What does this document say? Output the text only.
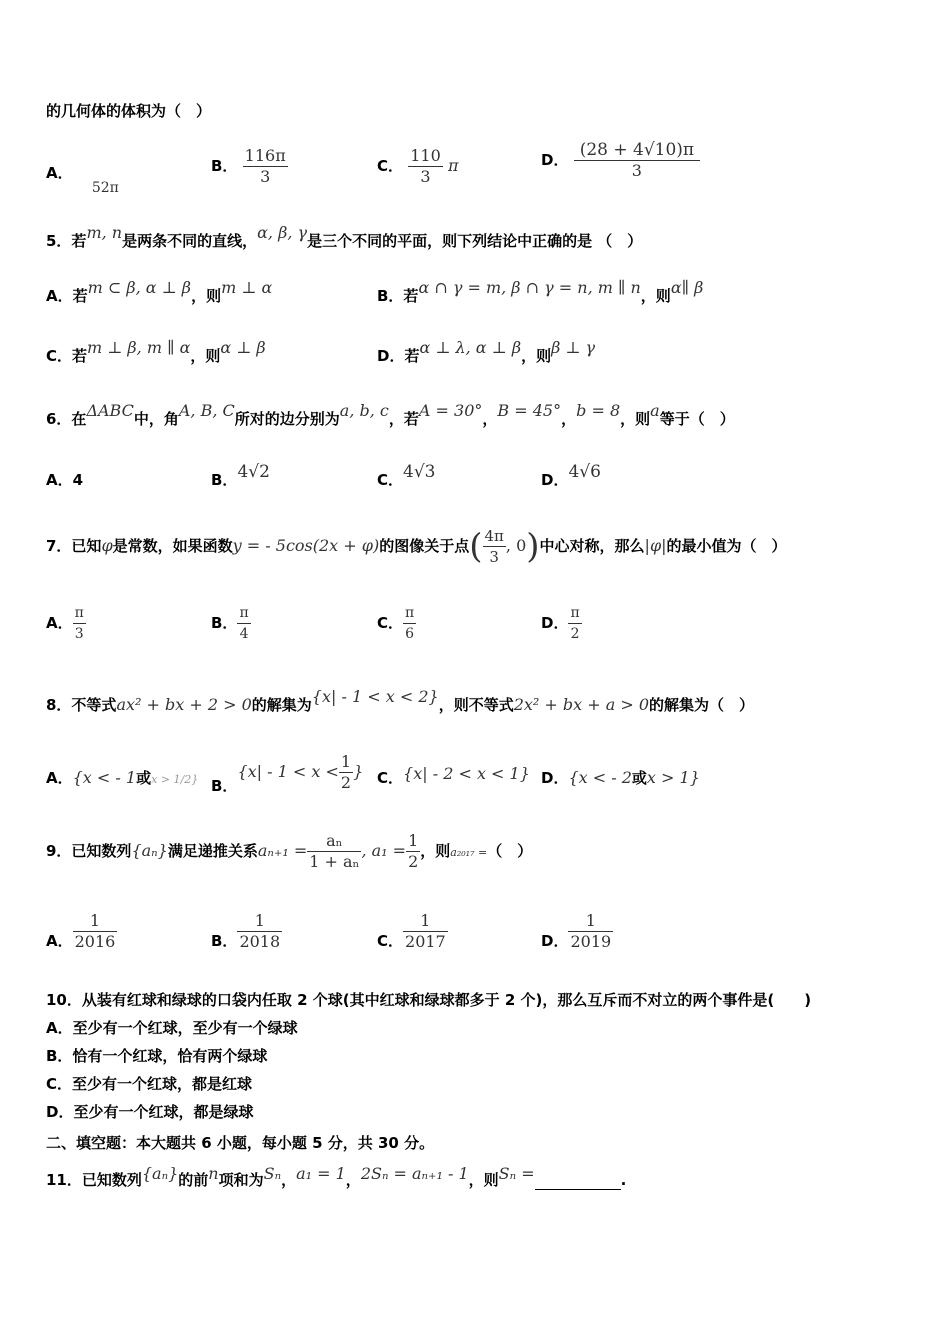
的几何体的体积为（　）
A． 52π
B． $\frac{116\pi}{3}$	C． $\frac{110}{3}$ π	D． $\frac{(28 + 4√10)\pi}{3}$
5．若m, n是两条不同的直线，α, β, γ是三个不同的平面，则下列结论中正确的是 （　）
A．若m ⊂ β, α ⊥ β，则m ⊥ α	B．若α ∩ γ = m, β ∩ γ = n, m ∥ n，则α∥ β
C．若m ⊥ β, m ∥ α，则α ⊥ β	D．若α ⊥ λ, α ⊥ β，则β ⊥ γ
6．在ΔABC中，角A, B, C所对的边分别为a, b, c，若A = 30°，B = 45°，b = 8，则a等于（　）
A．4	B．4√2	C．4√3	D．4√6
7．已知φ是常数，如果函数y = - 5cos(2x + φ)的图像关于点( $\frac{4\pi}{3}$ , 0)中心对称，那么|φ|的最小值为（　）
A． $\frac{\pi}{3}$	B． $\frac{\pi}{4}$	C． $\frac{\pi}{6}$	D． $\frac{\pi}{2}$
8．不等式ax² + bx + 2 > 0的解集为{x| - 1 < x < 2}，则不等式2x² + bx + a > 0的解集为（　）
A．{x < - 1或x > 1/2} B．{$x| - 1 < x < \frac{1}{2}$ } C．{x| - 2 < x < 1} D．{x < - 2或x > 1}
9．已知数列{aₙ}满足递推关系$a_{n+1} = \frac{\text{aₙ}}{\text{1 + aₙ}}$ , $a_1 = \frac{1}{2}$ ，则a₂₀₁₇ =（　）
A． $\frac{1}{2016}$	B． $\frac{1}{2018}$	C． $\frac{1}{2017}$	D． $\frac{1}{2019}$
10．从装有红球和绿球的口袋内任取 2 个球(其中红球和绿球都多于 2 个)，那么互斥而不对立的两个事件是(　　)
A．至少有一个红球，至少有一个绿球
B．恰有一个红球，恰有两个绿球
C．至少有一个红球，都是红球
D．至少有一个红球，都是绿球
二、填空题：本大题共 6 小题，每小题 5 分，共 30 分。
11．已知数列{aₙ}的前n项和为Sₙ，a₁ = 1，2Sₙ = aₙ₊₁ - 1，则Sₙ =	.
